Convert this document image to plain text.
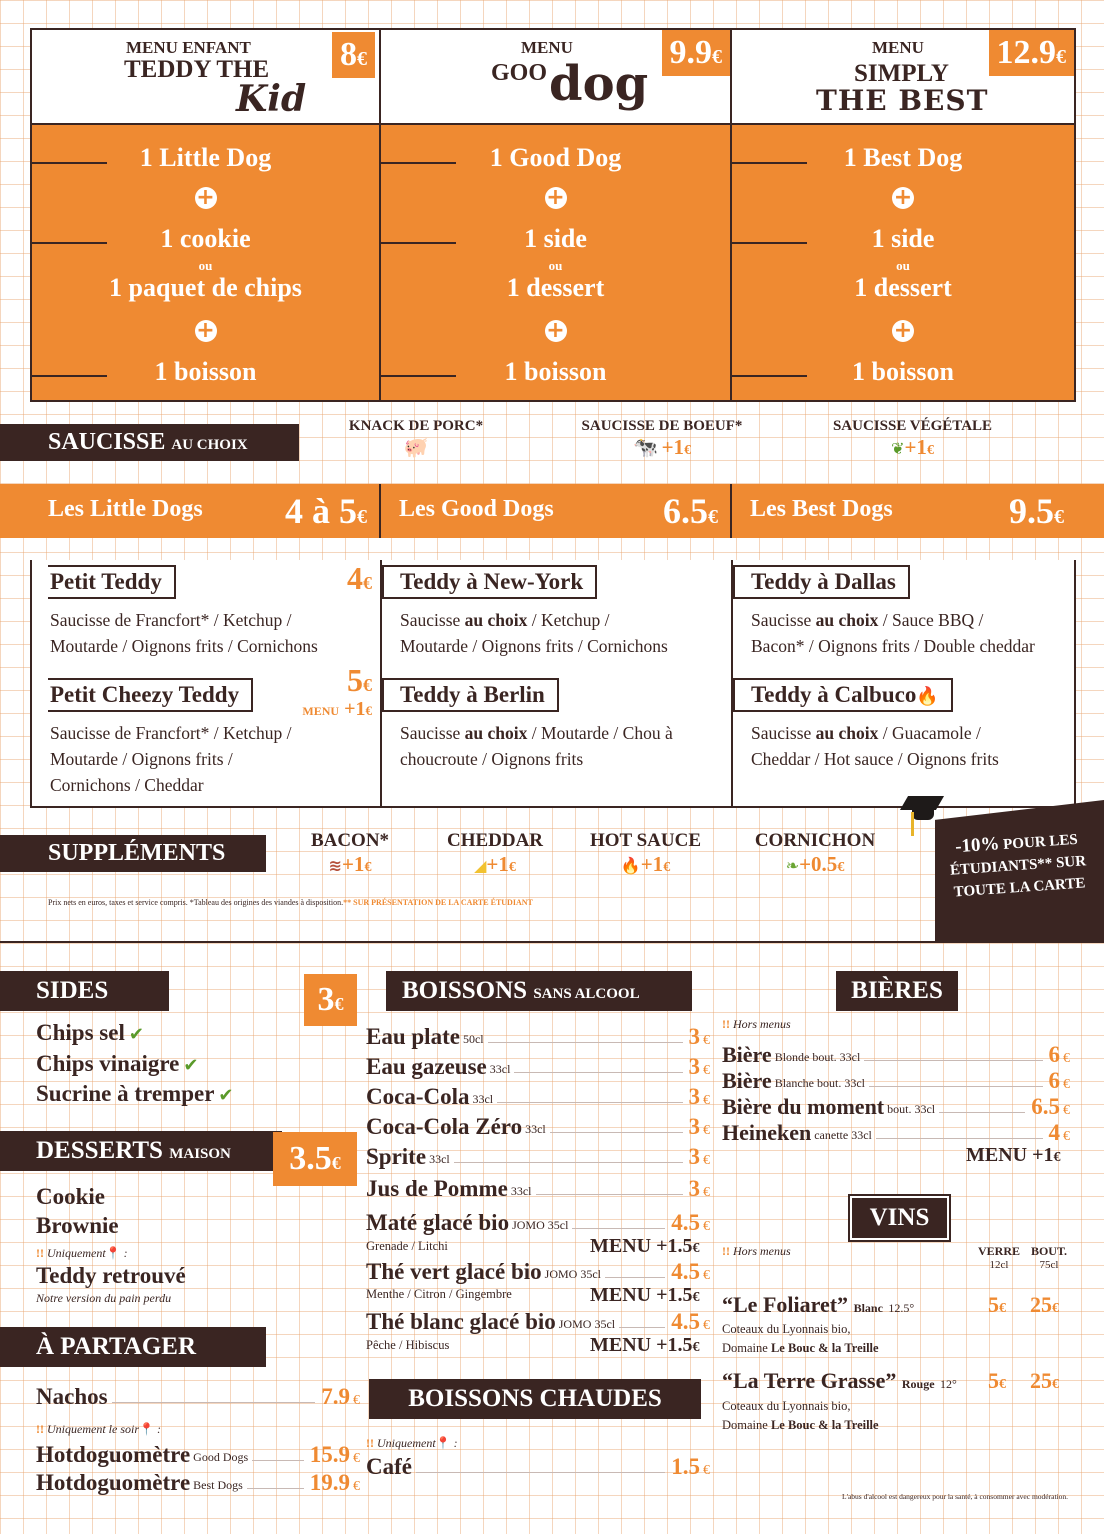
MENU ENFANT
TEDDY THE
Kid
8€
1 Little Dog
+
1 cookie
ou
1 paquet de chips
+
1 boisson
MENU
GOO dog
9.9€
1 Good Dog
+
1 side
ou
1 dessert
+
1 boisson
MENU
SIMPLY
THE BEST
12.9€
1 Best Dog
+
1 side
ou
1 dessert
+
1 boisson
SAUCISSE AU CHOIX
KNACK DE PORC*
🐖
SAUCISSE DE BOEUF*
🐄 +1€
SAUCISSE VÉGÉTALE
❦+1€
Les Little Dogs 4 à 5€ Les Good Dogs	6.5€ Les Best Dogs	9.5€
Petit Teddy	4€
Saucisse de Francfort* / Ketchup /
Moutarde / Oignons frits / Cornichons
Petit Cheezy Teddy	5€
MENU +1€
Saucisse de Francfort* / Ketchup /
Moutarde / Oignons frits /
Cornichons / Cheddar
Teddy à New-York
Saucisse au choix / Ketchup /
Moutarde / Oignons frits / Cornichons
Teddy à Berlin
Saucisse au choix / Moutarde / Chou à
choucroute / Oignons frits
Teddy à Dallas
Saucisse au choix / Sauce BBQ /
Bacon* / Oignons frits / Double cheddar
Teddy à Calbuco🔥
Saucisse au choix / Guacamole /
Cheddar / Hot sauce / Oignons frits
SUPPLÉMENTS	BACON*
≋+1€
CHEDDAR
◢+1€
HOT SAUCE
🔥+1€
CORNICHON
❧+0.5€
Prix nets en euros, taxes et service compris. *Tableau des origines des viandes à disposition.** SUR PRÉSENTATION DE LA CARTE ÉTUDIANT
-10% POUR LES
ÉTUDIANTS** SUR
TOUTE LA CARTE
SIDES	3€
Chips sel ✔
Chips vinaigre ✔
Sucrine à tremper ✔
DESSERTS MAISON	3.5€
Cookie
Brownie
!! Uniquement📍 :
Teddy retrouvé
Notre version du pain perdu
À PARTAGER
Nachos	7.9 €
!! Uniquement le soir📍 :
Hotdoguomètre Good Dogs	15.9 €
Hotdoguomètre Best Dogs	19.9 €
BOISSONS SANS ALCOOL
Eau plate 50cl	3 €
Eau gazeuse 33cl	3 €
Coca-Cola 33cl	3 €
Coca-Cola Zéro 33cl	3 €
Sprite 33cl	3 €
Jus de Pomme 33cl	3 €
Maté glacé bio JOMO 35cl	4.5 €
Grenade / Litchi	MENU +1.5€
Thé vert glacé bio JOMO 35cl	4.5 €
Menthe / Citron / Gingembre	MENU +1.5€
Thé blanc glacé bio JOMO 35cl 4.5 €
Pêche / Hibiscus	MENU +1.5€
BOISSONS CHAUDES
!! Uniquement📍 :
Café	1.5 €
BIÈRES
!! Hors menus
Bière Blonde bout. 33cl	6 €
Bière Blanche bout. 33cl	6 €
Bière du moment bout. 33cl	6.5 €
Heineken canette 33cl	4 €
MENU +1€
VINS
!! Hors menus	VERRE
12cl
BOUT.
75cl
“Le Foliaret” Blanc 12.5°	5€ 25€
Coteaux du Lyonnais bio,
Domaine Le Bouc & la Treille
“La Terre Grasse” Rouge 12° 5€ 25€
Coteaux du Lyonnais bio,
Domaine Le Bouc & la Treille
L'abus d'alcool est dangereux pour la santé, à consommer avec modération.
